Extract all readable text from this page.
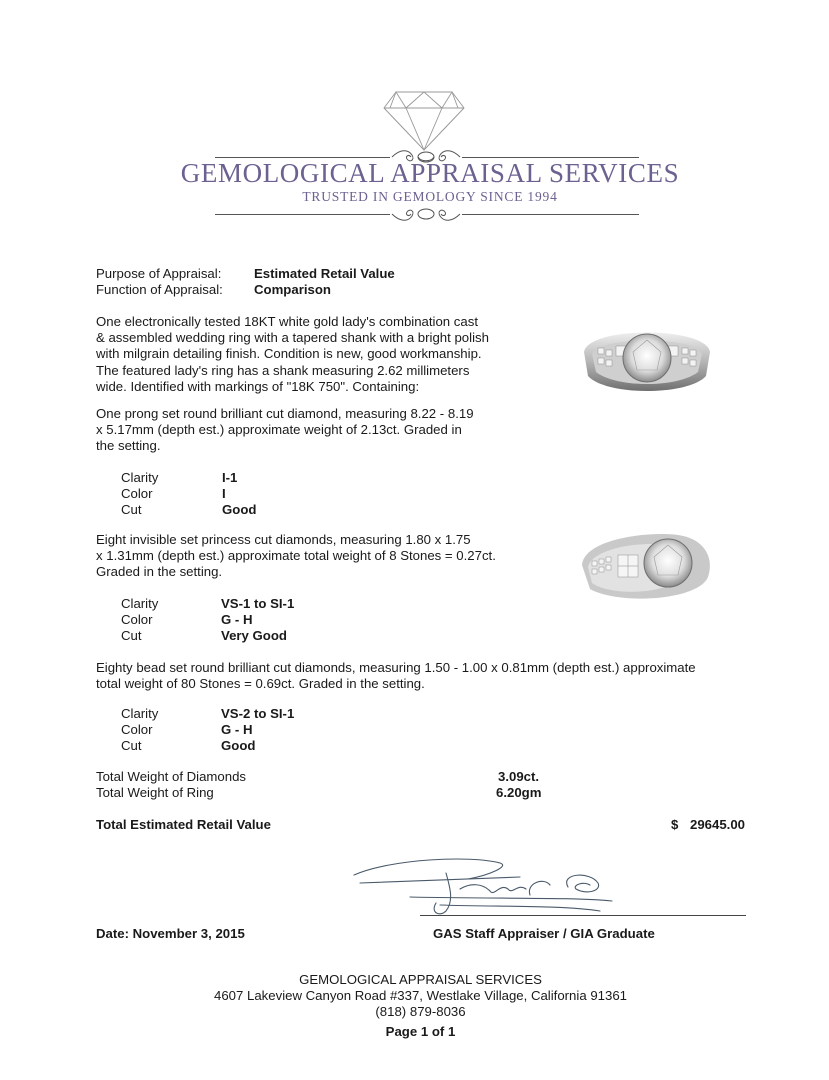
GEMOLOGICAL APPRAISAL SERVICES
TRUSTED IN GEMOLOGY SINCE 1994
Purpose of Appraisal: Estimated Retail Value
Function of Appraisal: Comparison
One electronically tested 18KT white gold lady's combination cast
& assembled wedding ring with a tapered shank with a bright polish
with milgrain detailing finish. Condition is new, good workmanship.
The featured lady's ring has a shank measuring 2.62 millimeters
wide. Identified with markings of "18K 750". Containing:
One prong set round brilliant cut diamond, measuring 8.22 - 8.19
x 5.17mm (depth est.) approximate weight of 2.13ct. Graded in
the setting.
Clarity	I-1
Color	I
Cut	Good
Eight invisible set princess cut diamonds, measuring 1.80 x 1.75
x 1.31mm (depth est.) approximate total weight of 8 Stones = 0.27ct.
Graded in the setting.
Clarity	VS-1 to SI-1
Color	G - H
Cut	Very Good
Eighty bead set round brilliant cut diamonds, measuring 1.50 - 1.00 x 0.81mm (depth est.) approximate
total weight of 80 Stones = 0.69ct. Graded in the setting.
Clarity	VS-2 to SI-1
Color	G - H
Cut	Good
Total Weight of Diamonds	3.09ct.
Total Weight of Ring	6.20gm
Total Estimated Retail Value	$ 29645.00
Date: November 3, 2015	GAS Staff Appraiser / GIA Graduate
GEMOLOGICAL APPRAISAL SERVICES
4607 Lakeview Canyon Road #337, Westlake Village, California 91361
(818) 879-8036
Page 1 of 1
